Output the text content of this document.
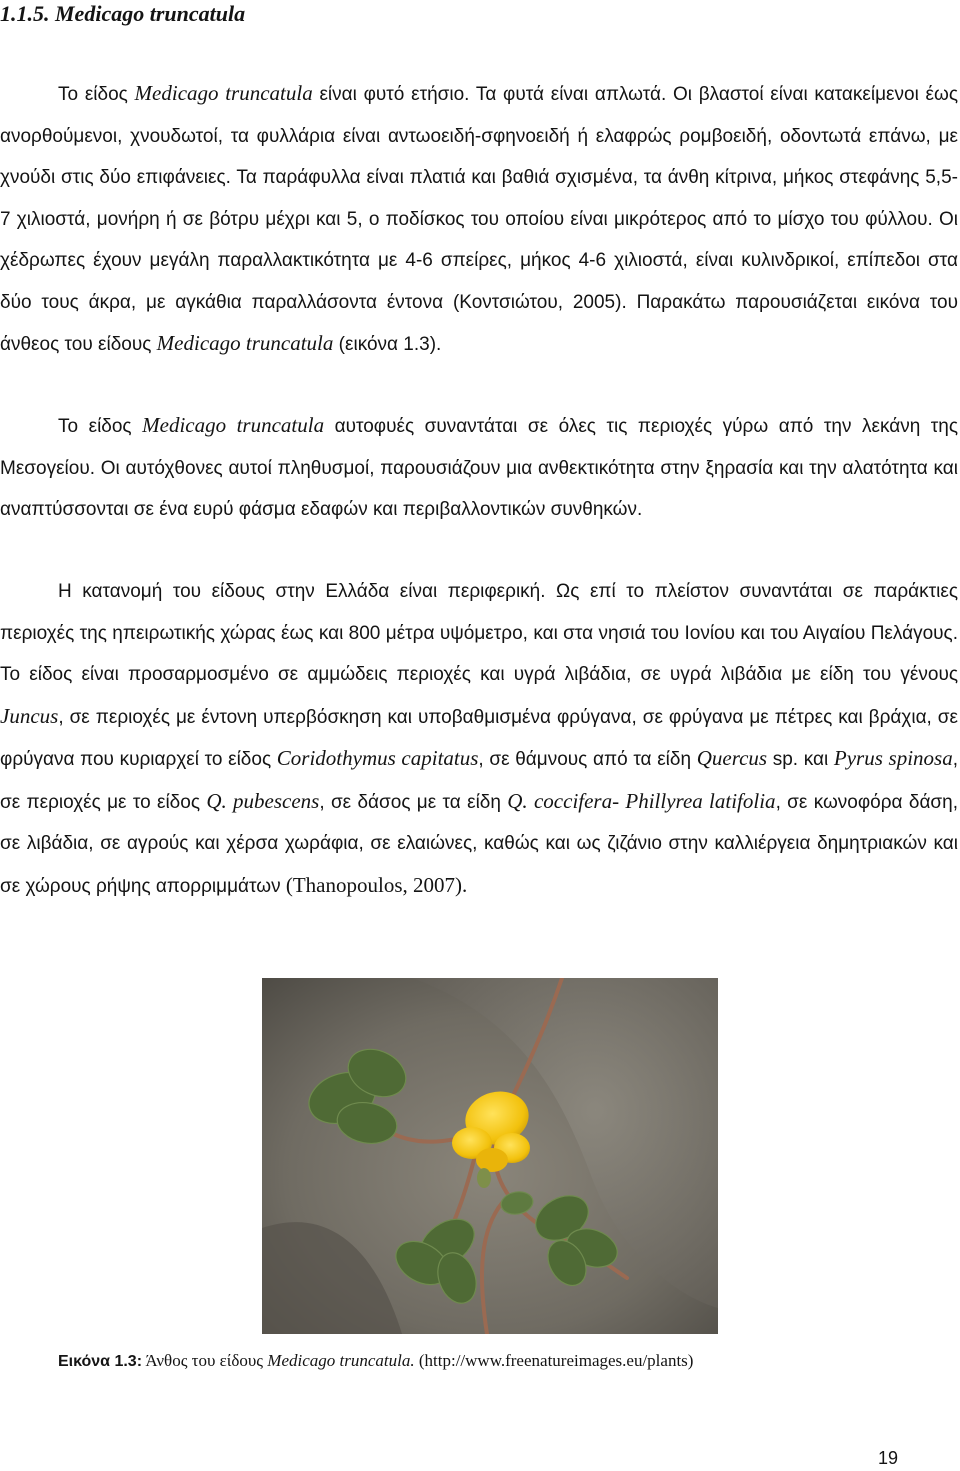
1.1.5. Medicago truncatula

Το είδος Medicago truncatula είναι φυτό ετήσιο. Τα φυτά είναι απλωτά. Οι βλαστοί είναι κατακείμενοι έως ανορθούμενοι, χνουδωτοί, τα φυλλάρια είναι αντωοειδή-σφηνοειδή ή ελαφρώς ρομβοειδή, οδοντωτά επάνω, με χνούδι στις δύο επιφάνειες. Τα παράφυλλα είναι πλατιά και βαθιά σχισμένα, τα άνθη κίτρινα, μήκος στεφάνης 5,5-7 χιλιοστά, μονήρη ή σε βότρυ μέχρι και 5, ο ποδίσκος του οποίου είναι μικρότερος από το μίσχο του φύλλου. Οι χέδρωπες έχουν μεγάλη παραλλακτικότητα με 4-6 σπείρες, μήκος 4-6 χιλιοστά, είναι κυλινδρικοί, επίπεδοι στα δύο τους άκρα, με αγκάθια παραλλάσοντα έντονα (Κοντσιώτου, 2005). Παρακάτω παρουσιάζεται εικόνα του άνθεος του είδους Medicago truncatula (εικόνα 1.3).

Το είδος Medicago truncatula αυτοφυές συναντάται σε όλες τις περιοχές γύρω από την λεκάνη της Μεσογείου. Οι αυτόχθονες αυτοί πληθυσμοί, παρουσιάζουν μια ανθεκτικότητα στην ξηρασία και την αλατότητα και αναπτύσσονται σε ένα ευρύ φάσμα εδαφών και περιβαλλοντικών συνθηκών.

Η κατανομή του είδους στην Ελλάδα είναι περιφερική. Ως επί το πλείστον συναντάται σε παράκτιες περιοχές της ηπειρωτικής χώρας έως και 800 μέτρα υψόμετρο, και στα νησιά του Ιονίου και του Αιγαίου Πελάγους. Το είδος είναι προσαρμοσμένο σε αμμώδεις περιοχές και υγρά λιβάδια, σε υγρά λιβάδια με είδη του γένους Juncus, σε περιοχές με έντονη υπερβόσκηση και υποβαθμισμένα φρύγανα, σε φρύγανα με πέτρες και βράχια, σε φρύγανα που κυριαρχεί το είδος Coridothymus capitatus, σε θάμνους από τα είδη Quercus sp. και Pyrus spinosa, σε περιοχές με το είδος Q. pubescens, σε δάσος με τα είδη Q. coccifera- Phillyrea latifolia, σε κωνοφόρα δάση, σε λιβάδια, σε αγρούς και χέρσα χωράφια, σε ελαιώνες, καθώς και ως ζιζάνιο στην καλλιέργεια δημητριακών και σε χώρους ρήψης απορριμμάτων (Thanopoulos, 2007).

Εικόνα 1.3: Άνθος του είδους Medicago truncatula. (http://www.freenatureimages.eu/plants)

19
